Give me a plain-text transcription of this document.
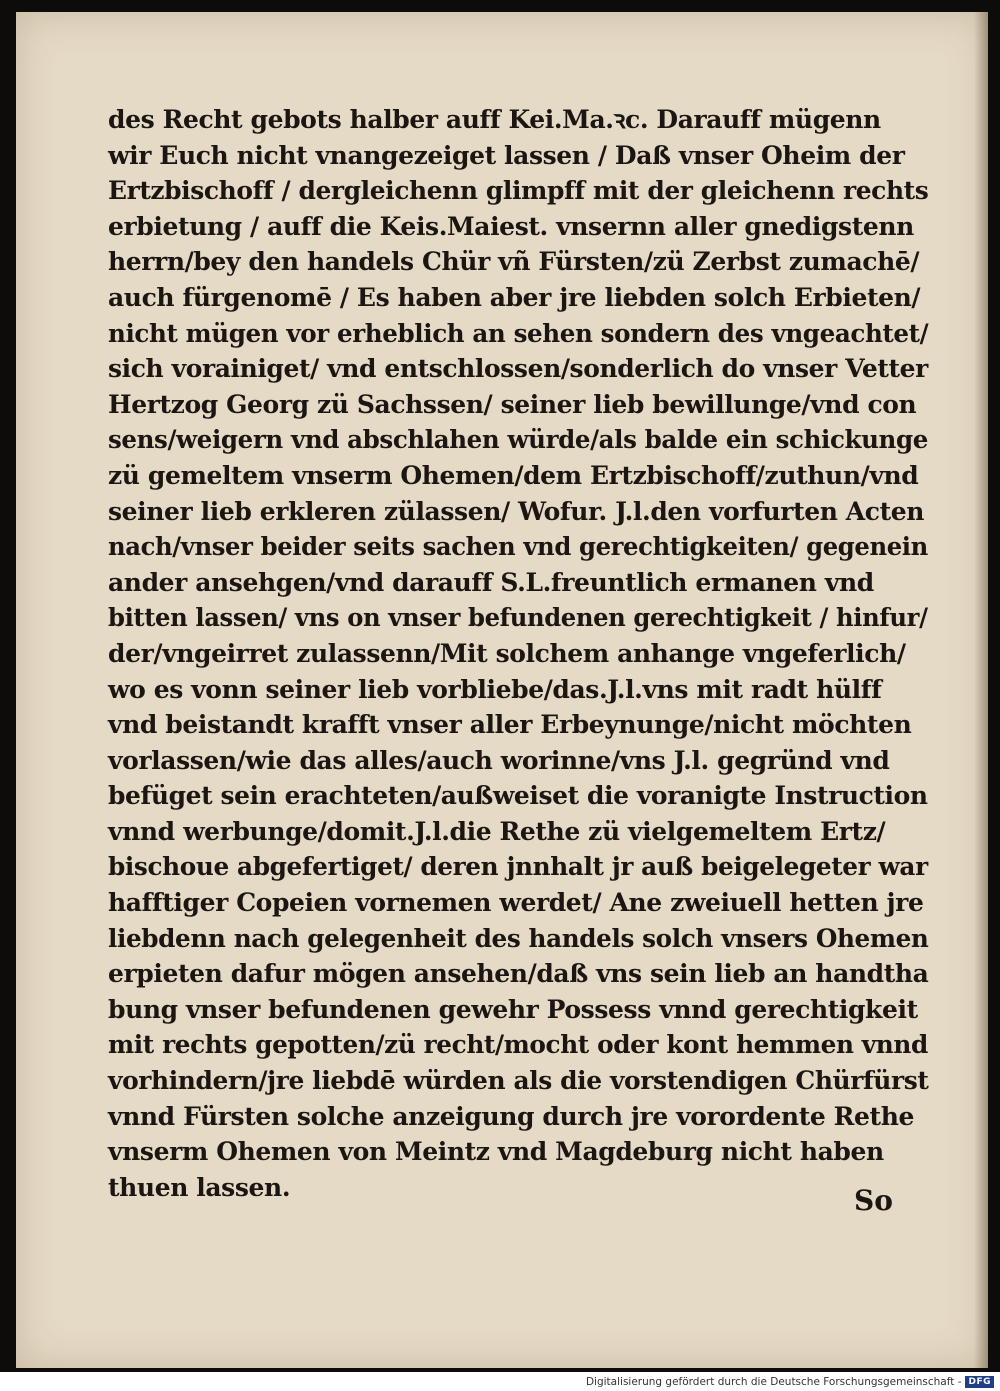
des Recht gebots halber auff Kei.Ma.ꝛc. Darauff mügenn
wir Euch nicht vnangezeiget lassen / Daß vnser Oheim der
Ertzbischoff / dergleichenn glimpff mit der gleichenn rechts
erbietung / auff die Keis.Maiest. vnsernn aller gnedigstenn
herrn/bey den handels Chür vñ Fürsten/zü Zerbst zumachē/
auch fürgenomē / Es haben aber jre liebden solch Erbieten/
nicht mügen vor erheblich an sehen sondern des vngeachtet/
sich vorainiget/ vnd entschlossen/sonderlich do vnser Vetter
Hertzog Georg zü Sachssen/ seiner lieb bewillunge/vnd con
sens/weigern vnd abschlahen würde/als balde ein schickunge
zü gemeltem vnserm Ohemen/dem Ertzbischoff/zuthun/vnd
seiner lieb erkleren zülassen/ Wofur. J.l.den vorfurten Acten
nach/vnser beider seits sachen vnd gerechtigkeiten/ gegenein
ander ansehgen/vnd darauff S.L.freuntlich ermanen vnd
bitten lassen/ vns on vnser befundenen gerechtigkeit / hinfur/
der/vngeirret zulassenn/Mit solchem anhange vngeferlich/
wo es vonn seiner lieb vorbliebe/das.J.l.vns mit radt hülff
vnd beistandt krafft vnser aller Erbeynunge/nicht möchten
vorlassen/wie das alles/auch worinne/vns J.l. gegründ vnd
befüget sein erachteten/außweiset die voranigte Instruction
vnnd werbunge/domit.J.l.die Rethe zü vielgemeltem Ertz/
bischoue abgefertiget/ deren jnnhalt jr auß beigelegeter war
hafftiger Copeien vornemen werdet/ Ane zweiuell hetten jre
liebdenn nach gelegenheit des handels solch vnsers Ohemen
erpieten dafur mögen ansehen/daß vns sein lieb an handtha
bung vnser befundenen gewehr Possess vnnd gerechtigkeit
mit rechts gepotten/zü recht/mocht oder kont hemmen vnnd
vorhindern/jre liebdē würden als die vorstendigen Chürfürst
vnnd Fürsten solche anzeigung durch jre vorordente Rethe
vnserm Ohemen von Meintz vnd Magdeburg nicht haben
thuen lassen.	So
Digitalisierung gefördert durch die Deutsche Forschungsgemeinschaft - DFG
